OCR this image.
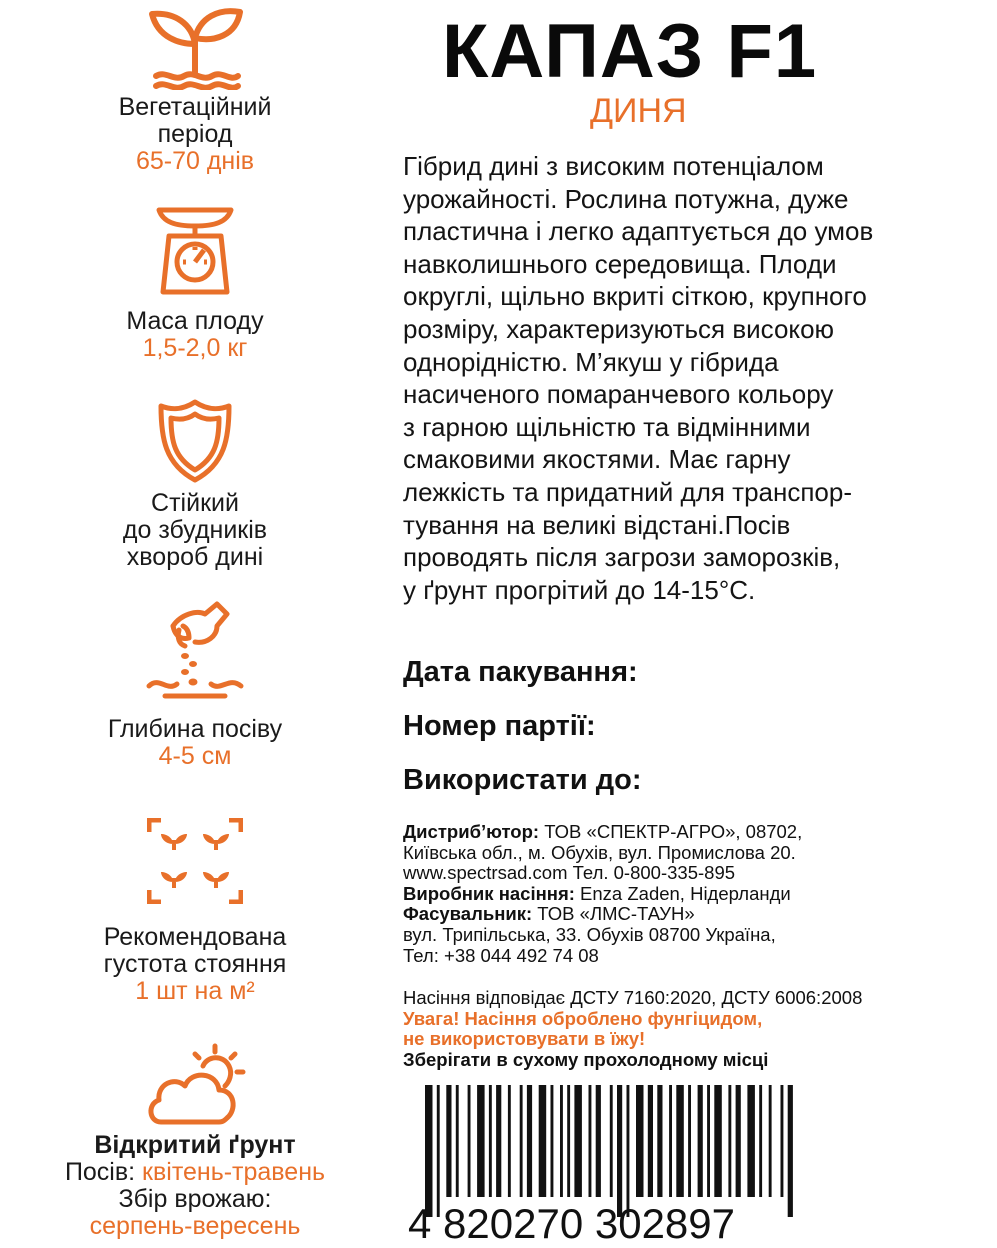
Вегетаційний
період
65-70 днів
Маса плоду
1,5-2,0 кг
Стійкий
до збудників
хвороб дині
Глибина посіву
4-5 см
Рекомендована
густота стояння
1 шт на м²
Відкритий ґрунт
Посів: квітень-травень
Збір врожаю:
серпень-вересень
КАПАЗ F1
ДИНЯ
Гібрид дині з високим потенціалом
урожайності. Рослина потужна, дуже
пластична і легко адаптується до умов
навколишнього середовища. Плоди
округлі, щільно вкриті сіткою, крупного
розміру, характеризуються високою
однорідністю. М’якуш у гібрида
насиченого помаранчевого кольору
з гарною щільністю та відмінними
смаковими якостями. Має гарну
лежкість та придатний для транспор-
тування на великі відстані.Посів
проводять після загрози заморозків,
у ґрунт прогрітий до 14-15°C.
Дата пакування:
Номер партії:
Використати до:
Дистриб’ютор: ТОВ «СПЕКТР-АГРО», 08702,
Київська обл., м. Обухів, вул. Промислова 20.
www.spectrsad.com Тел. 0-800-335-895
Виробник насіння: Enza Zaden, Нідерланди
Фасувальник: ТОВ «ЛМС-ТАУН»
вул. Трипільська, 33. Обухів 08700 Україна,
Тел: +38 044 492 74 08
Насіння відповідає ДСТУ 7160:2020, ДСТУ 6006:2008
Увага! Насіння оброблено фунгіцидом,
не використовувати в їжу!
Зберігати в сухому прохолодному місці
4 820270 302897
